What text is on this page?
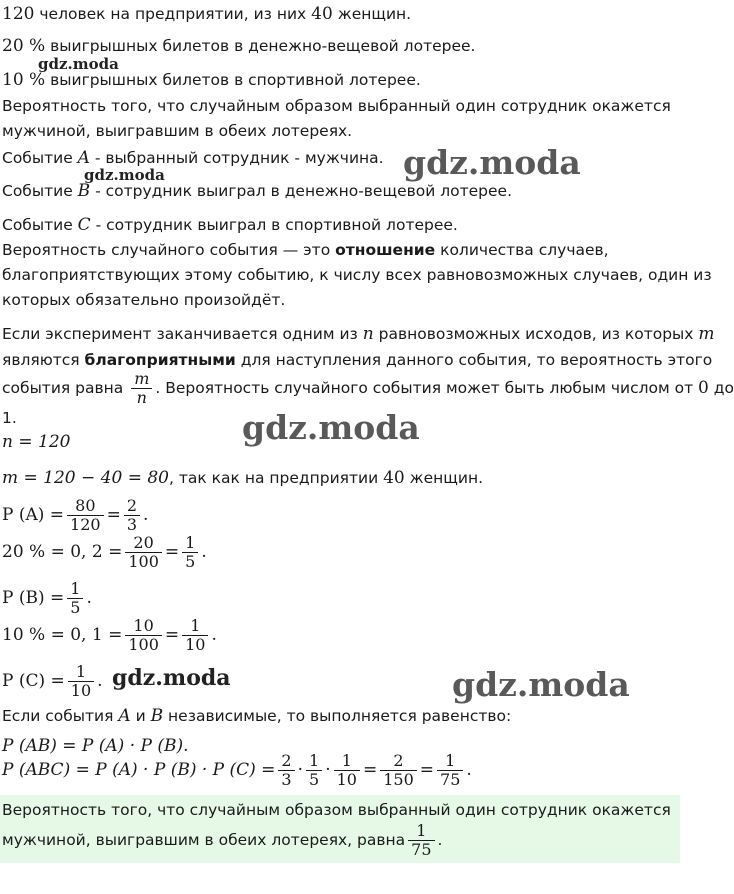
120 человек на предприятии, из них 40 женщин.
20 % выигрышных билетов в денежно-вещевой лотерее.
10 % выигрышных билетов в спортивной лотерее.
Вероятность того, что случайным образом выбранный один сотрудник окажется
мужчиной, выигравшим в обеих лотереях.
Событие A - выбранный сотрудник - мужчина.
Событие B - сотрудник выиграл в денежно-вещевой лотерее.
Событие C - сотрудник выиграл в спортивной лотерее.
Вероятность случайного события — это отношение количества случаев,
благоприятствующих этому событию, к числу всех равновозможных случаев, один из
которых обязательно произойдёт.
Если эксперимент заканчивается одним из n равновозможных исходов, из которых m
являются благоприятными для наступления данного события, то вероятность этого
события равна $\frac{m}{n}$ . Вероятность случайного события может быть любым числом от 0 до
1.
n = 120
m = 120 − 40 = 80, так как на предприятии 40 женщин.
P $(A) = \frac{80}{120} = \frac{2}{3}$ .
20 % = 0, $2 = \frac{20}{100} = \frac{1}{5}$ .
P $(B) = \frac{1}{5}$ .
10 % = 0, $1 = \frac{10}{100} = \frac{1}{10}$ .
P $(C) = \frac{1}{10}$ .
Если события A и B независимые, то выполняется равенство:
P (AB) = P (A) · P (B).
P (ABC) = P (A) · P (B) · P $(C) = \frac{2}{3} \cdot \frac{1}{5} \cdot \frac{1}{10} = \frac{2}{150} = \frac{1}{75}$ .
Вероятность того, что случайным образом выбранный один сотрудник окажется
мужчиной, выигравшим в обеих лотереях, равна $\frac{1}{75}$ .
gdz.moda
gdz.moda
gdz.moda
gdz.moda
gdz.moda	gdz.moda
